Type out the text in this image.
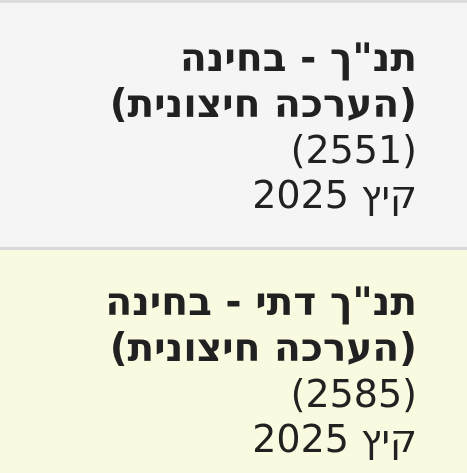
תנ"ך - בחינה
(הערכה חיצונית)
(2551)
קיץ 2025
תנ"ך דתי - בחינה
(הערכה חיצונית)
(2585)
קיץ 2025
